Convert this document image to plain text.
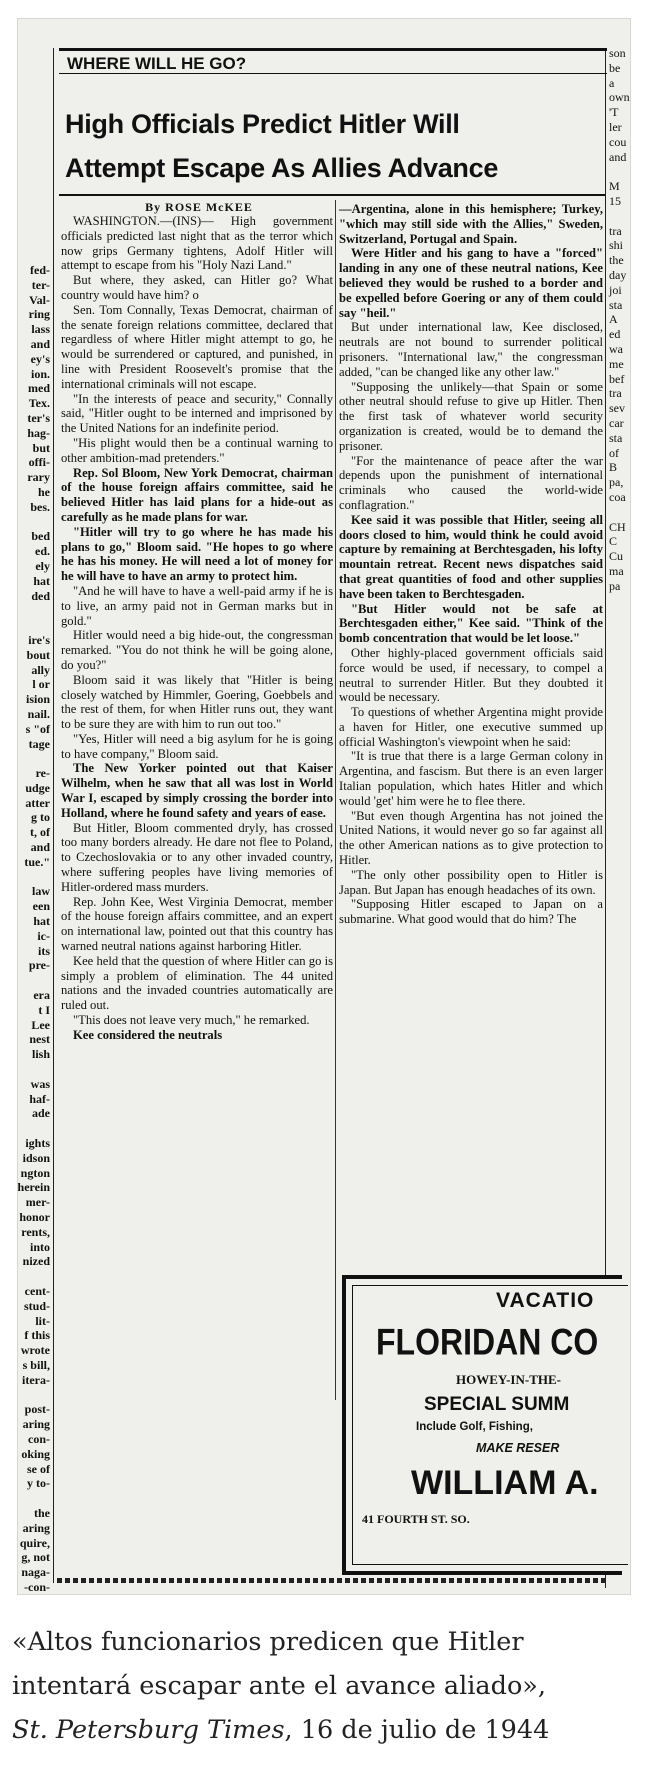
fed-
ter-
Val-
ring
lass
and
ey's
ion.
med
Tex.
ter's
hag-
but
offi-
rary
he
bes.

bed
ed.
ely
hat
ded

ire's
bout
ally
l or
ision
nail.
s "of
tage

re-
udge
atter
g to
t, of
and
tue."

law
een
hat
ic-
its
pre-

era
t I
Lee
nest
lish

was
haf-
ade

ights
idson
ngton
herein
mer-
honor
rents,
into
nized

cent-
stud-
lit-
f this
wrote
s bill,
itera-

post-
aring
con-
oking
se of
y to-

the
aring
quire,
g, not
naga-
-con-
son
be
a
own
'T
ler
cou
and

M
15

tra
shi
the
day
joi
sta
A
ed
wa
me
bef
tra
sev
car
sta
of
B
pa,
coa

CH
C
Cu
ma
pa
WHERE WILL HE GO?
High Officials Predict Hitler Will
Attempt Escape As Allies Advance
By ROSE McKEE

WASHINGTON.—(INS)— High government officials predicted last night that as the terror which now grips Germany tightens, Adolf Hitler will attempt to escape from his "Holy Nazi Land."

But where, they asked, can Hitler go? What country would have him? o

Sen. Tom Connally, Texas Democrat, chairman of the senate foreign relations committee, declared that regardless of where Hitler might attempt to go, he would be surrendered or captured, and punished, in line with President Roosevelt's promise that the international criminals will not escape.

"In the interests of peace and security," Connally said, "Hitler ought to be interned and imprisoned by the United Nations for an indefinite period.

"His plight would then be a continual warning to other ambition-mad pretenders."

Rep. Sol Bloom, New York Democrat, chairman of the house foreign affairs committee, said he believed Hitler has laid plans for a hide-out as carefully as he made plans for war.

"Hitler will try to go where he has made his plans to go," Bloom said. "He hopes to go where he has his money. He will need a lot of money for he will have to have an army to protect him.

"And he will have to have a well-paid army if he is to live, an army paid not in German marks but in gold."

Hitler would need a big hide-out, the congressman remarked. "You do not think he will be going alone, do you?"

Bloom said it was likely that "Hitler is being closely watched by Himmler, Goering, Goebbels and the rest of them, for when Hitler runs out, they want to be sure they are with him to run out too."

"Yes, Hitler will need a big asylum for he is going to have company," Bloom said.

The New Yorker pointed out that Kaiser Wilhelm, when he saw that all was lost in World War I, escaped by simply crossing the border into Holland, where he found safety and years of ease.

But Hitler, Bloom commented dryly, has crossed too many borders already. He dare not flee to Poland, to Czechoslovakia or to any other invaded country, where suffering peoples have living memories of Hitler-ordered mass murders.

Rep. John Kee, West Virginia Democrat, member of the house foreign affairs committee, and an expert on international law, pointed out that this country has warned neutral nations against harboring Hitler.

Kee held that the question of where Hitler can go is simply a problem of elimination. The 44 united nations and the invaded countries automatically are ruled out.

"This does not leave very much," he remarked.

Kee considered the neutrals

—Argentina, alone in this hemisphere; Turkey, "which may still side with the Allies," Sweden, Switzerland, Portugal and Spain.

Were Hitler and his gang to have a "forced" landing in any one of these neutral nations, Kee believed they would be rushed to a border and be expelled before Goering or any of them could say "heil."

But under international law, Kee disclosed, neutrals are not bound to surrender political prisoners. "International law," the congressman added, "can be changed like any other law."

"Supposing the unlikely—that Spain or some other neutral should refuse to give up Hitler. Then the first task of whatever world security organization is created, would be to demand the prisoner.

"For the maintenance of peace after the war depends upon the punishment of international criminals who caused the world-wide conflagration."

Kee said it was possible that Hitler, seeing all doors closed to him, would think he could avoid capture by remaining at Berchtesgaden, his lofty mountain retreat. Recent news dispatches said that great quantities of food and other supplies have been taken to Berchtesgaden.

"But Hitler would not be safe at Berchtesgaden either," Kee said. "Think of the bomb concentration that would be let loose."

Other highly-placed government officials said force would be used, if necessary, to compel a neutral to surrender Hitler. But they doubted it would be necessary.

To questions of whether Argentina might provide a haven for Hitler, one executive summed up official Washington's viewpoint when he said:

"It is true that there is a large German colony in Argentina, and fascism. But there is an even larger Italian population, which hates Hitler and which would 'get' him were he to flee there.

"But even though Argentina has not joined the United Nations, it would never go so far against all the other American nations as to give protection to Hitler.

"The only other possibility open to Hitler is Japan. But Japan has enough headaches of its own.

"Supposing Hitler escaped to Japan on a submarine. What good would that do him? The

VACATIO
FLORIDAN CO
HOWEY-IN-THE-
SPECIAL SUMM
Include Golf, Fishing,
MAKE RESER
WILLIAM A.
41 FOURTH ST. SO.
«Altos funcionarios predicen que Hitler
intentará escapar ante el avance aliado»,
St. Petersburg Times, 16 de julio de 1944
